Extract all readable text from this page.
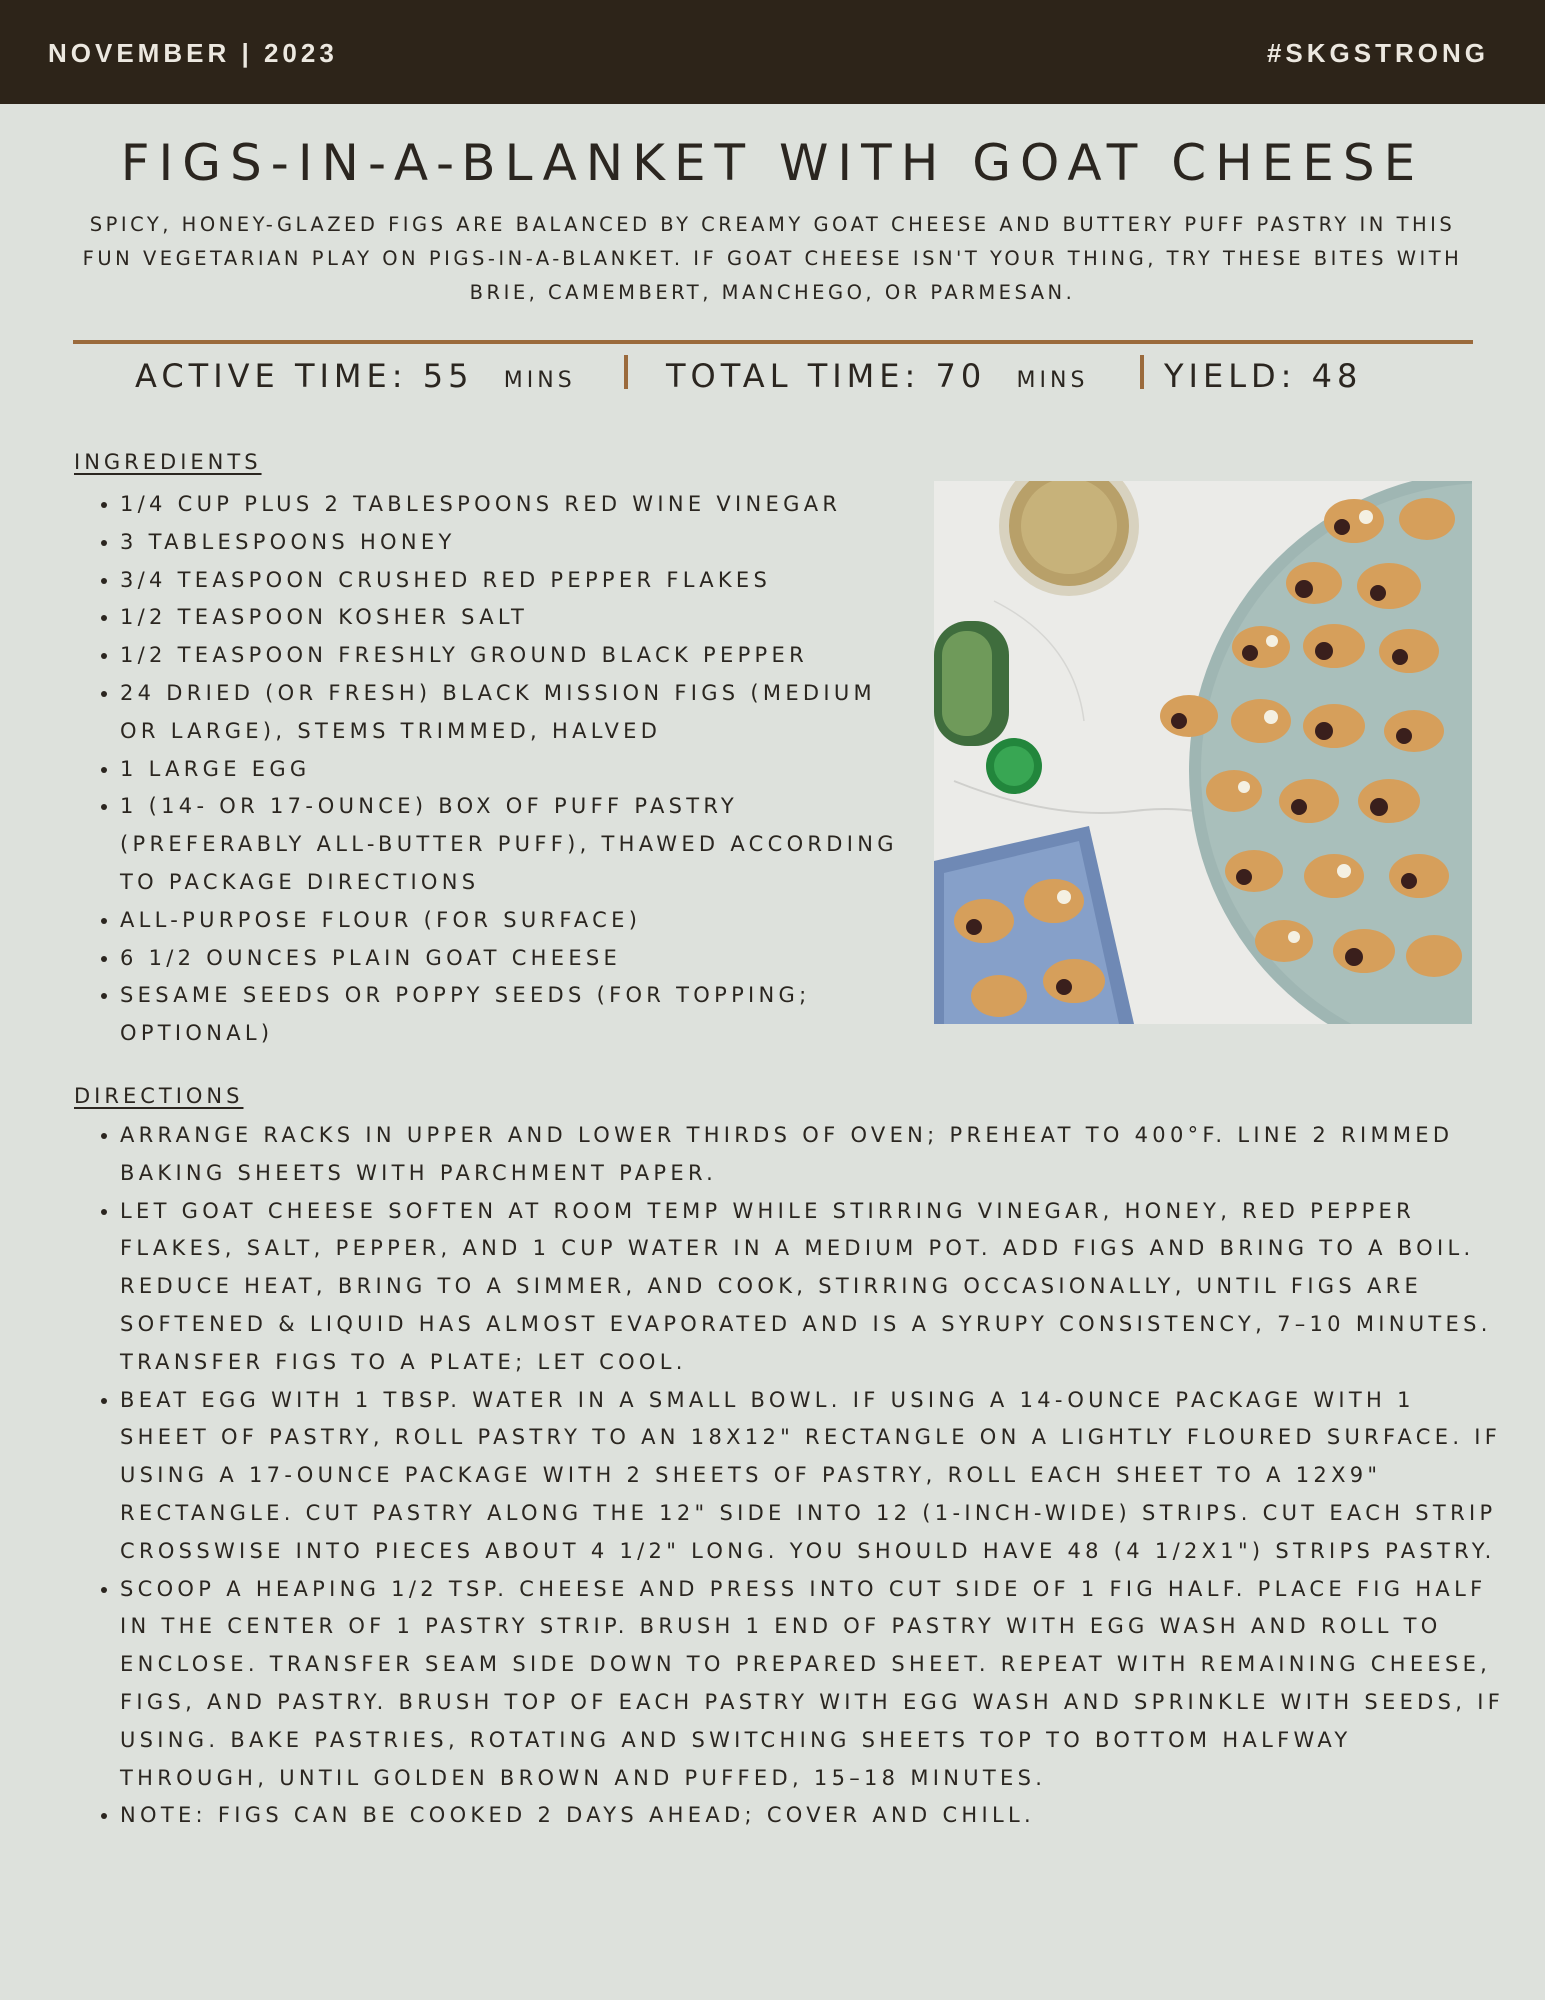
NOVEMBER | 2023	#SKGSTRONG
FIGS-IN-A-BLANKET WITH GOAT CHEESE
SPICY, HONEY-GLAZED FIGS ARE BALANCED BY CREAMY GOAT CHEESE AND BUTTERY PUFF PASTRY IN THIS FUN VEGETARIAN PLAY ON PIGS-IN-A-BLANKET. IF GOAT CHEESE ISN'T YOUR THING, TRY THESE BITES WITH BRIE, CAMEMBERT, MANCHEGO, OR PARMESAN.
ACTIVE TIME: 55 MINS	TOTAL TIME: 70 MINS YIELD: 48
INGREDIENTS
• 1/4 CUP PLUS 2 TABLESPOONS RED WINE VINEGAR
• 3 TABLESPOONS HONEY
• 3/4 TEASPOON CRUSHED RED PEPPER FLAKES
• 1/2 TEASPOON KOSHER SALT
• 1/2 TEASPOON FRESHLY GROUND BLACK PEPPER
• 24 DRIED (OR FRESH) BLACK MISSION FIGS (MEDIUM OR LARGE), STEMS TRIMMED, HALVED
• 1 LARGE EGG
• 1 (14- OR 17-OUNCE) BOX OF PUFF PASTRY (PREFERABLY ALL-BUTTER PUFF), THAWED ACCORDING TO PACKAGE DIRECTIONS
• ALL-PURPOSE FLOUR (FOR SURFACE)
• 6 1/2 OUNCES PLAIN GOAT CHEESE
• SESAME SEEDS OR POPPY SEEDS (FOR TOPPING; OPTIONAL)
DIRECTIONS
• ARRANGE RACKS IN UPPER AND LOWER THIRDS OF OVEN; PREHEAT TO 400°F. LINE 2 RIMMED BAKING SHEETS WITH PARCHMENT PAPER.
• LET GOAT CHEESE SOFTEN AT ROOM TEMP WHILE STIRRING VINEGAR, HONEY, RED PEPPER FLAKES, SALT, PEPPER, AND 1 CUP WATER IN A MEDIUM POT. ADD FIGS AND BRING TO A BOIL. REDUCE HEAT, BRING TO A SIMMER, AND COOK, STIRRING OCCASIONALLY, UNTIL FIGS ARE SOFTENED & LIQUID HAS ALMOST EVAPORATED AND IS A SYRUPY CONSISTENCY, 7–10 MINUTES. TRANSFER FIGS TO A PLATE; LET COOL.
• BEAT EGG WITH 1 TBSP. WATER IN A SMALL BOWL. IF USING A 14-OUNCE PACKAGE WITH 1 SHEET OF PASTRY, ROLL PASTRY TO AN 18X12" RECTANGLE ON A LIGHTLY FLOURED SURFACE. IF USING A 17-OUNCE PACKAGE WITH 2 SHEETS OF PASTRY, ROLL EACH SHEET TO A 12X9" RECTANGLE. CUT PASTRY ALONG THE 12" SIDE INTO 12 (1-INCH-WIDE) STRIPS. CUT EACH STRIP CROSSWISE INTO PIECES ABOUT 4 1/2" LONG. YOU SHOULD HAVE 48 (4 1/2X1") STRIPS PASTRY.
• SCOOP A HEAPING 1/2 TSP. CHEESE AND PRESS INTO CUT SIDE OF 1 FIG HALF. PLACE FIG HALF IN THE CENTER OF 1 PASTRY STRIP. BRUSH 1 END OF PASTRY WITH EGG WASH AND ROLL TO ENCLOSE. TRANSFER SEAM SIDE DOWN TO PREPARED SHEET. REPEAT WITH REMAINING CHEESE, FIGS, AND PASTRY. BRUSH TOP OF EACH PASTRY WITH EGG WASH AND SPRINKLE WITH SEEDS, IF USING. BAKE PASTRIES, ROTATING AND SWITCHING SHEETS TOP TO BOTTOM HALFWAY THROUGH, UNTIL GOLDEN BROWN AND PUFFED, 15–18 MINUTES.
• NOTE: FIGS CAN BE COOKED 2 DAYS AHEAD; COVER AND CHILL.
